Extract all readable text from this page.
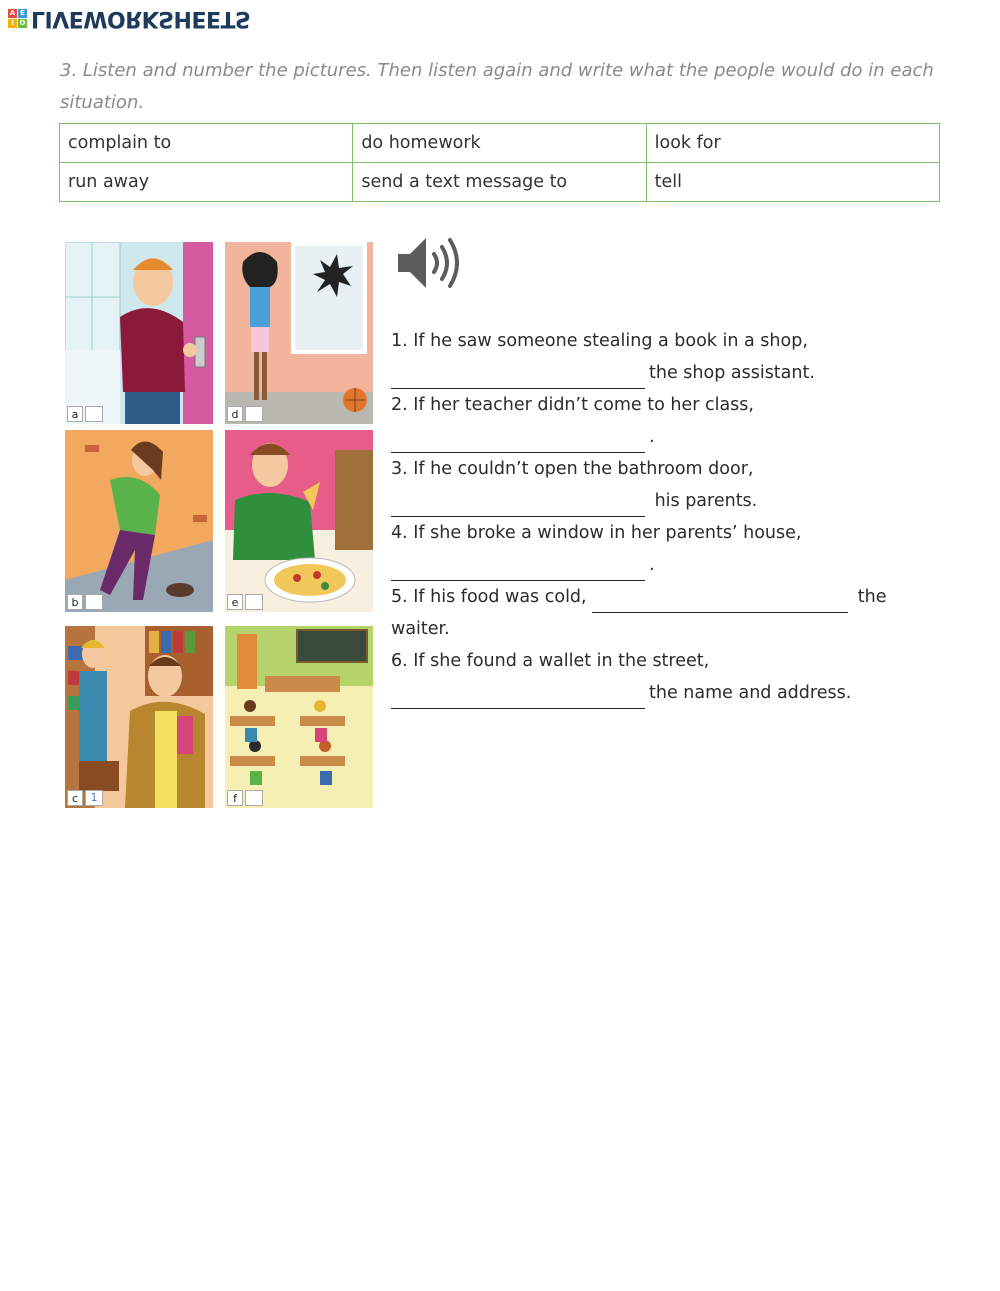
A E
I O LIVEWORKSHEETS
3. Listen and number the pictures. Then listen again and write what the people would do in each situation.
complain to	do homework	look for
run away	send a text message to	tell
a	d
b	e
c	1	f

1. If he saw someone stealing a book in a shop,

the shop assistant.

2. If her teacher didn’t come to her class,

.

3. If he couldn’t open the bathroom door,

his parents.

4. If she broke a window in her parents’ house,

.

5. If his food was cold,	the

waiter.

6. If she found a wallet in the street,

the name and address.
